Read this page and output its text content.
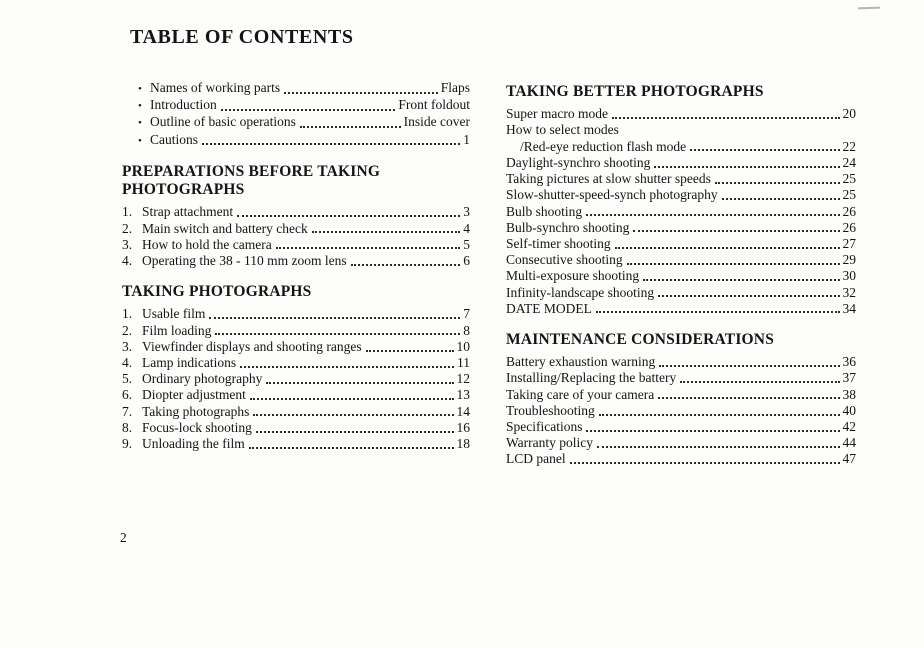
TABLE OF CONTENTS
• Names of working parts	Flaps
• Introduction	Front foldout
• Outline of basic operations	Inside cover
• Cautions	1
PREPARATIONS BEFORE TAKING PHOTOGRAPHS
1. Strap attachment	3
2. Main switch and battery check	4
3. How to hold the camera	5
4. Operating the 38 - 110 mm zoom lens	6
TAKING PHOTOGRAPHS
1. Usable film	7
2. Film loading	8
3. Viewfinder displays and shooting ranges	10
4. Lamp indications	11
5. Ordinary photography	12
6. Diopter adjustment	13
7. Taking photographs	14
8. Focus-lock shooting	16
9. Unloading the film	18
TAKING BETTER PHOTOGRAPHS
Super macro mode	20
How to select modes
/Red-eye reduction flash mode	22
Daylight-synchro shooting	24
Taking pictures at slow shutter speeds	25
Slow-shutter-speed-synch photography	25
Bulb shooting	26
Bulb-synchro shooting	26
Self-timer shooting	27
Consecutive shooting	29
Multi-exposure shooting	30
Infinity-landscape shooting	32
DATE MODEL	34
MAINTENANCE CONSIDERATIONS
Battery exhaustion warning	36
Installing/Replacing the battery	37
Taking care of your camera	38
Troubleshooting	40
Specifications	42
Warranty policy	44
LCD panel	47
2
